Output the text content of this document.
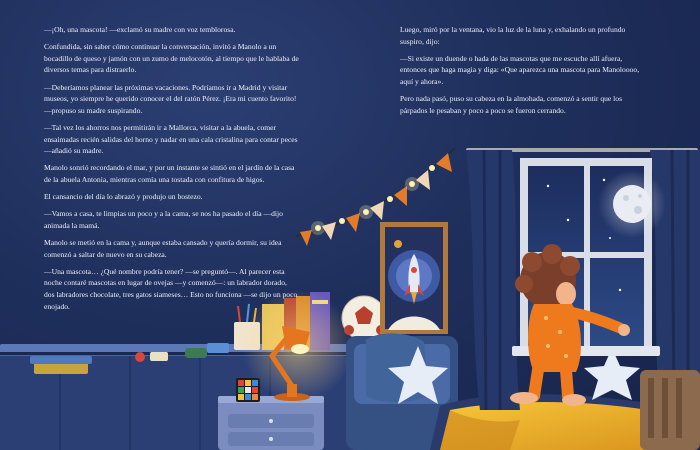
—¡Oh, una mascota! —exclamó su madre con voz temblorosa.

Confundida, sin saber cómo continuar la conversación, invitó a Manolo a un bocadillo de queso y jamón con un zumo de melocotón, al tiempo que le hablaba de diversos temas para distraerlo.

—Deberíamos planear las próximas vacaciones. Podríamos ir a Madrid y visitar museos, yo siempre he querido conocer el del ratón Pérez. ¡Era mi cuento favorito! —propuso su madre suspirando.

—Tal vez los ahorros nos permitirán ir a Mallorca, visitar a la abuela, comer ensaimadas recién salidas del horno y nadar en una cala cristalina para contar peces —añadió su madre.

Manolo sonrió recordando el mar, y por un instante se sintió en el jardín de la casa de la abuela Antonia, mientras comía una tostada con confitura de higos.

El cansancio del día lo abrazó y produjo un bostezo.

—Vamos a casa, te limpias un poco y a la cama, se nos ha pasado el día —dijo animada la mamá.

Manolo se metió en la cama y, aunque estaba cansado y quería dormir, su idea comenzó a saltar de nuevo en su cabeza.

—Una mascota… ¿Qué nombre podría tener? —se preguntó—. Al parecer esta noche contaré mascotas en lugar de ovejas —y comenzó—: un labrador dorado, dos labradores chocolate, tres gatos siameses… Esto no funciona —se dijo un poco enojado.

Luego, miró por la ventana, vio la luz de la luna y, exhalando un profundo suspiro, dijo:

—Si existe un duende o hada de las mascotas que me escuche allí afuera, entonces que haga magia y diga: «Que aparezca una mascota para Manoloooo, aquí y ahora».

Pero nada pasó, puso su cabeza en la almohada, comenzó a sentir que los párpados le pesaban y poco a poco se fueron cerrando.
